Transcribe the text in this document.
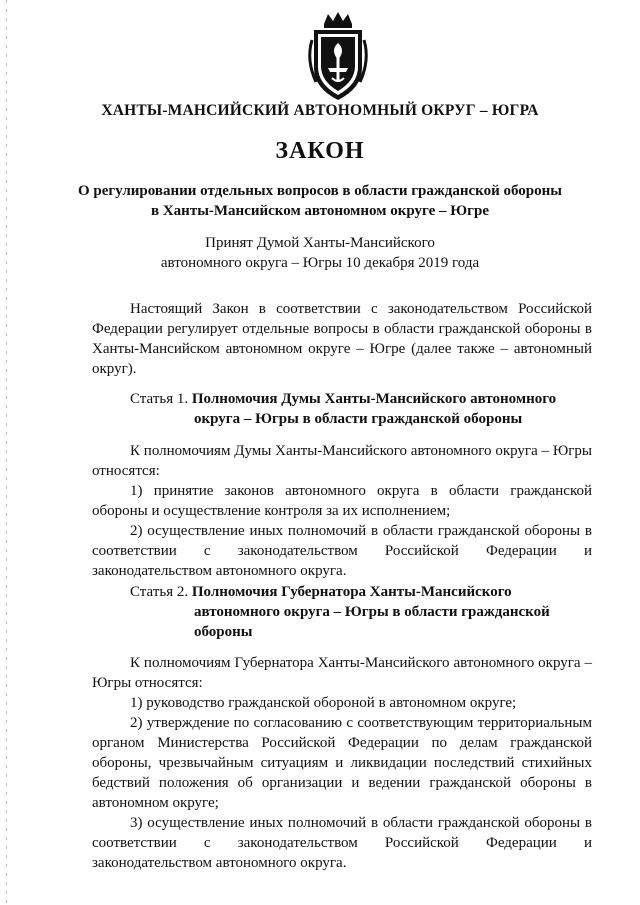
ХАНТЫ-МАНСИЙСКИЙ АВТОНОМНЫЙ ОКРУГ – ЮГРА
ЗАКОН
О регулировании отдельных вопросов в области гражданской обороны
в Ханты-Мансийском автономном округе – Югре
Принят Думой Ханты-Мансийского
автономного округа – Югры 10 декабря 2019 года

Настоящий Закон в соответствии с законодательством Российской Федерации регулирует отдельные вопросы в области гражданской обороны в Ханты-Мансийском автономном округе – Югре (далее также – автономный округ).

Статья 1. Полномочия Думы Ханты-Мансийского автономного
округа – Югры в области гражданской обороны

К полномочиям Думы Ханты-Мансийского автономного округа – Югры относятся:

1) принятие законов автономного округа в области гражданской обороны и осуществление контроля за их исполнением;

2) осуществление иных полномочий в области гражданской обороны в соответствии с законодательством Российской Федерации и законодательством автономного округа.

Статья 2. Полномочия Губернатора Ханты-Мансийского
автономного округа – Югры в области гражданской
обороны

К полномочиям Губернатора Ханты-Мансийского автономного округа – Югры относятся:

1) руководство гражданской обороной в автономном округе;

2) утверждение по согласованию с соответствующим территориальным органом Министерства Российской Федерации по делам гражданской обороны, чрезвычайным ситуациям и ликвидации последствий стихийных бедствий положения об организации и ведении гражданской обороны в автономном округе;

3) осуществление иных полномочий в области гражданской обороны в соответствии с законодательством Российской Федерации и законодательством автономного округа.
